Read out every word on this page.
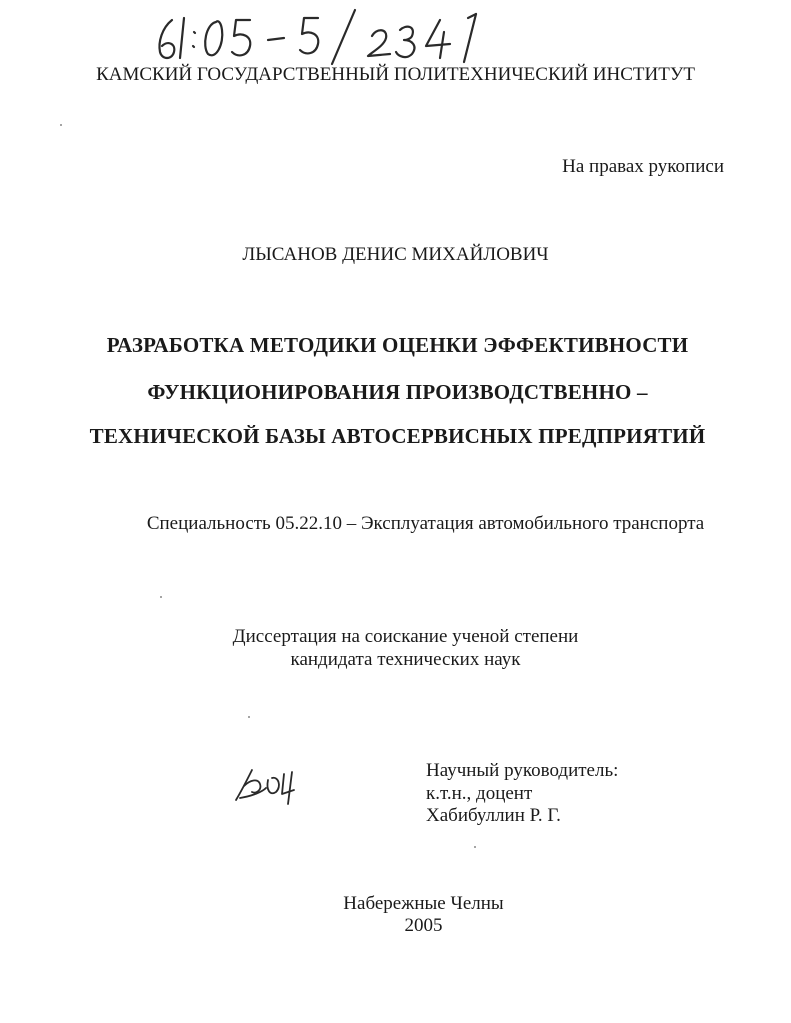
КАМСКИЙ ГОСУДАРСТВЕННЫЙ ПОЛИТЕХНИЧЕСКИЙ ИНСТИТУТ
На правах рукописи
ЛЫСАНОВ ДЕНИС МИХАЙЛОВИЧ
РАЗРАБОТКА МЕТОДИКИ ОЦЕНКИ ЭФФЕКТИВНОСТИ
ФУНКЦИОНИРОВАНИЯ ПРОИЗВОДСТВЕННО –
ТЕХНИЧЕСКОЙ БАЗЫ АВТОСЕРВИСНЫХ ПРЕДПРИЯТИЙ
Специальность 05.22.10 – Эксплуатация автомобильного транспорта
Диссертация на соискание ученой степени
кандидата технических наук
Научный руководитель:
к.т.н., доцент
Хабибуллин Р. Г.
Набережные Челны
2005
